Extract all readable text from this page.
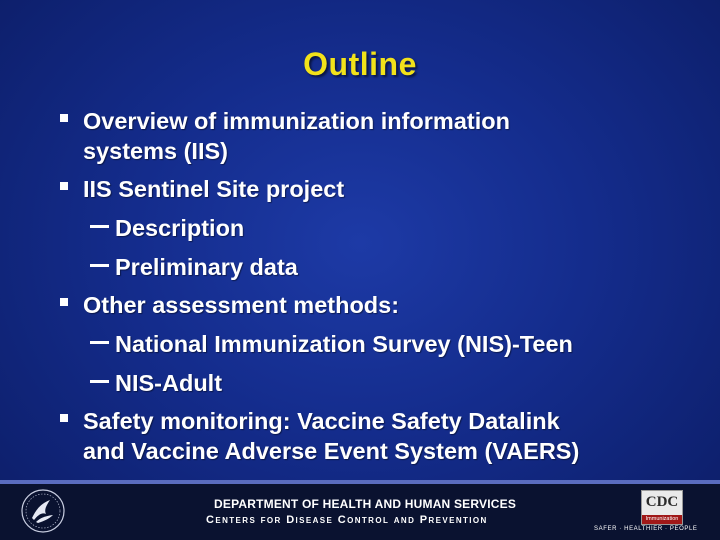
Outline
Overview of immunization information
systems (IIS)
IIS Sentinel Site project
Description
Preliminary data
Other assessment methods:
National Immunization Survey (NIS)-Teen
NIS-Adult
Safety monitoring: Vaccine Safety Datalink
and Vaccine Adverse Event System (VAERS)
DEPARTMENT OF HEALTH AND HUMAN SERVICES
Centers for Disease Control and Prevention
CDC
Immunization
SAFER · HEALTHIER · PEOPLE
